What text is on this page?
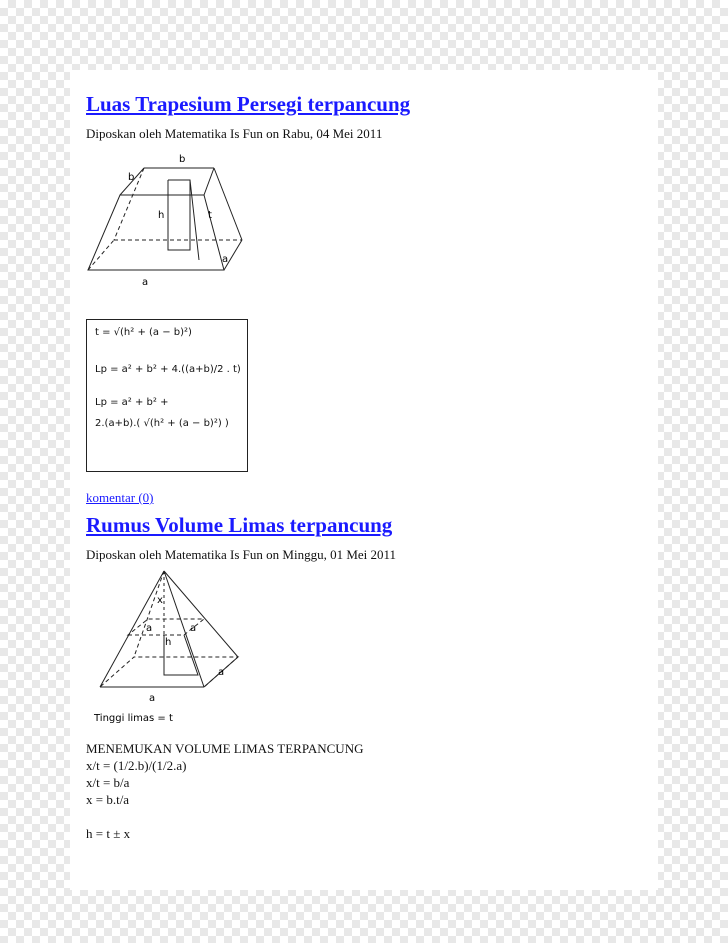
Luas Trapesium Persegi terpancung
Diposkan oleh Matematika Is Fun on Rabu, 04 Mei 2011
b
b
h	t
a
a
t = √(h² + (a − b)²)
Lp = a² + b² + 4.((a+b)/2 . t)
Lp = a² + b² +
2.(a+b).( √(h² + (a − b)²) )
komentar (0)
Rumus Volume Limas terpancung
Diposkan oleh Matematika Is Fun on Minggu, 01 Mei 2011
x
a	a
h
a
a
Tinggi limas = t
MENEMUKAN VOLUME LIMAS TERPANCUNG
x/t = (1/2.b)/(1/2.a)
x/t = b/a
x = b.t/a
h = t ± x
